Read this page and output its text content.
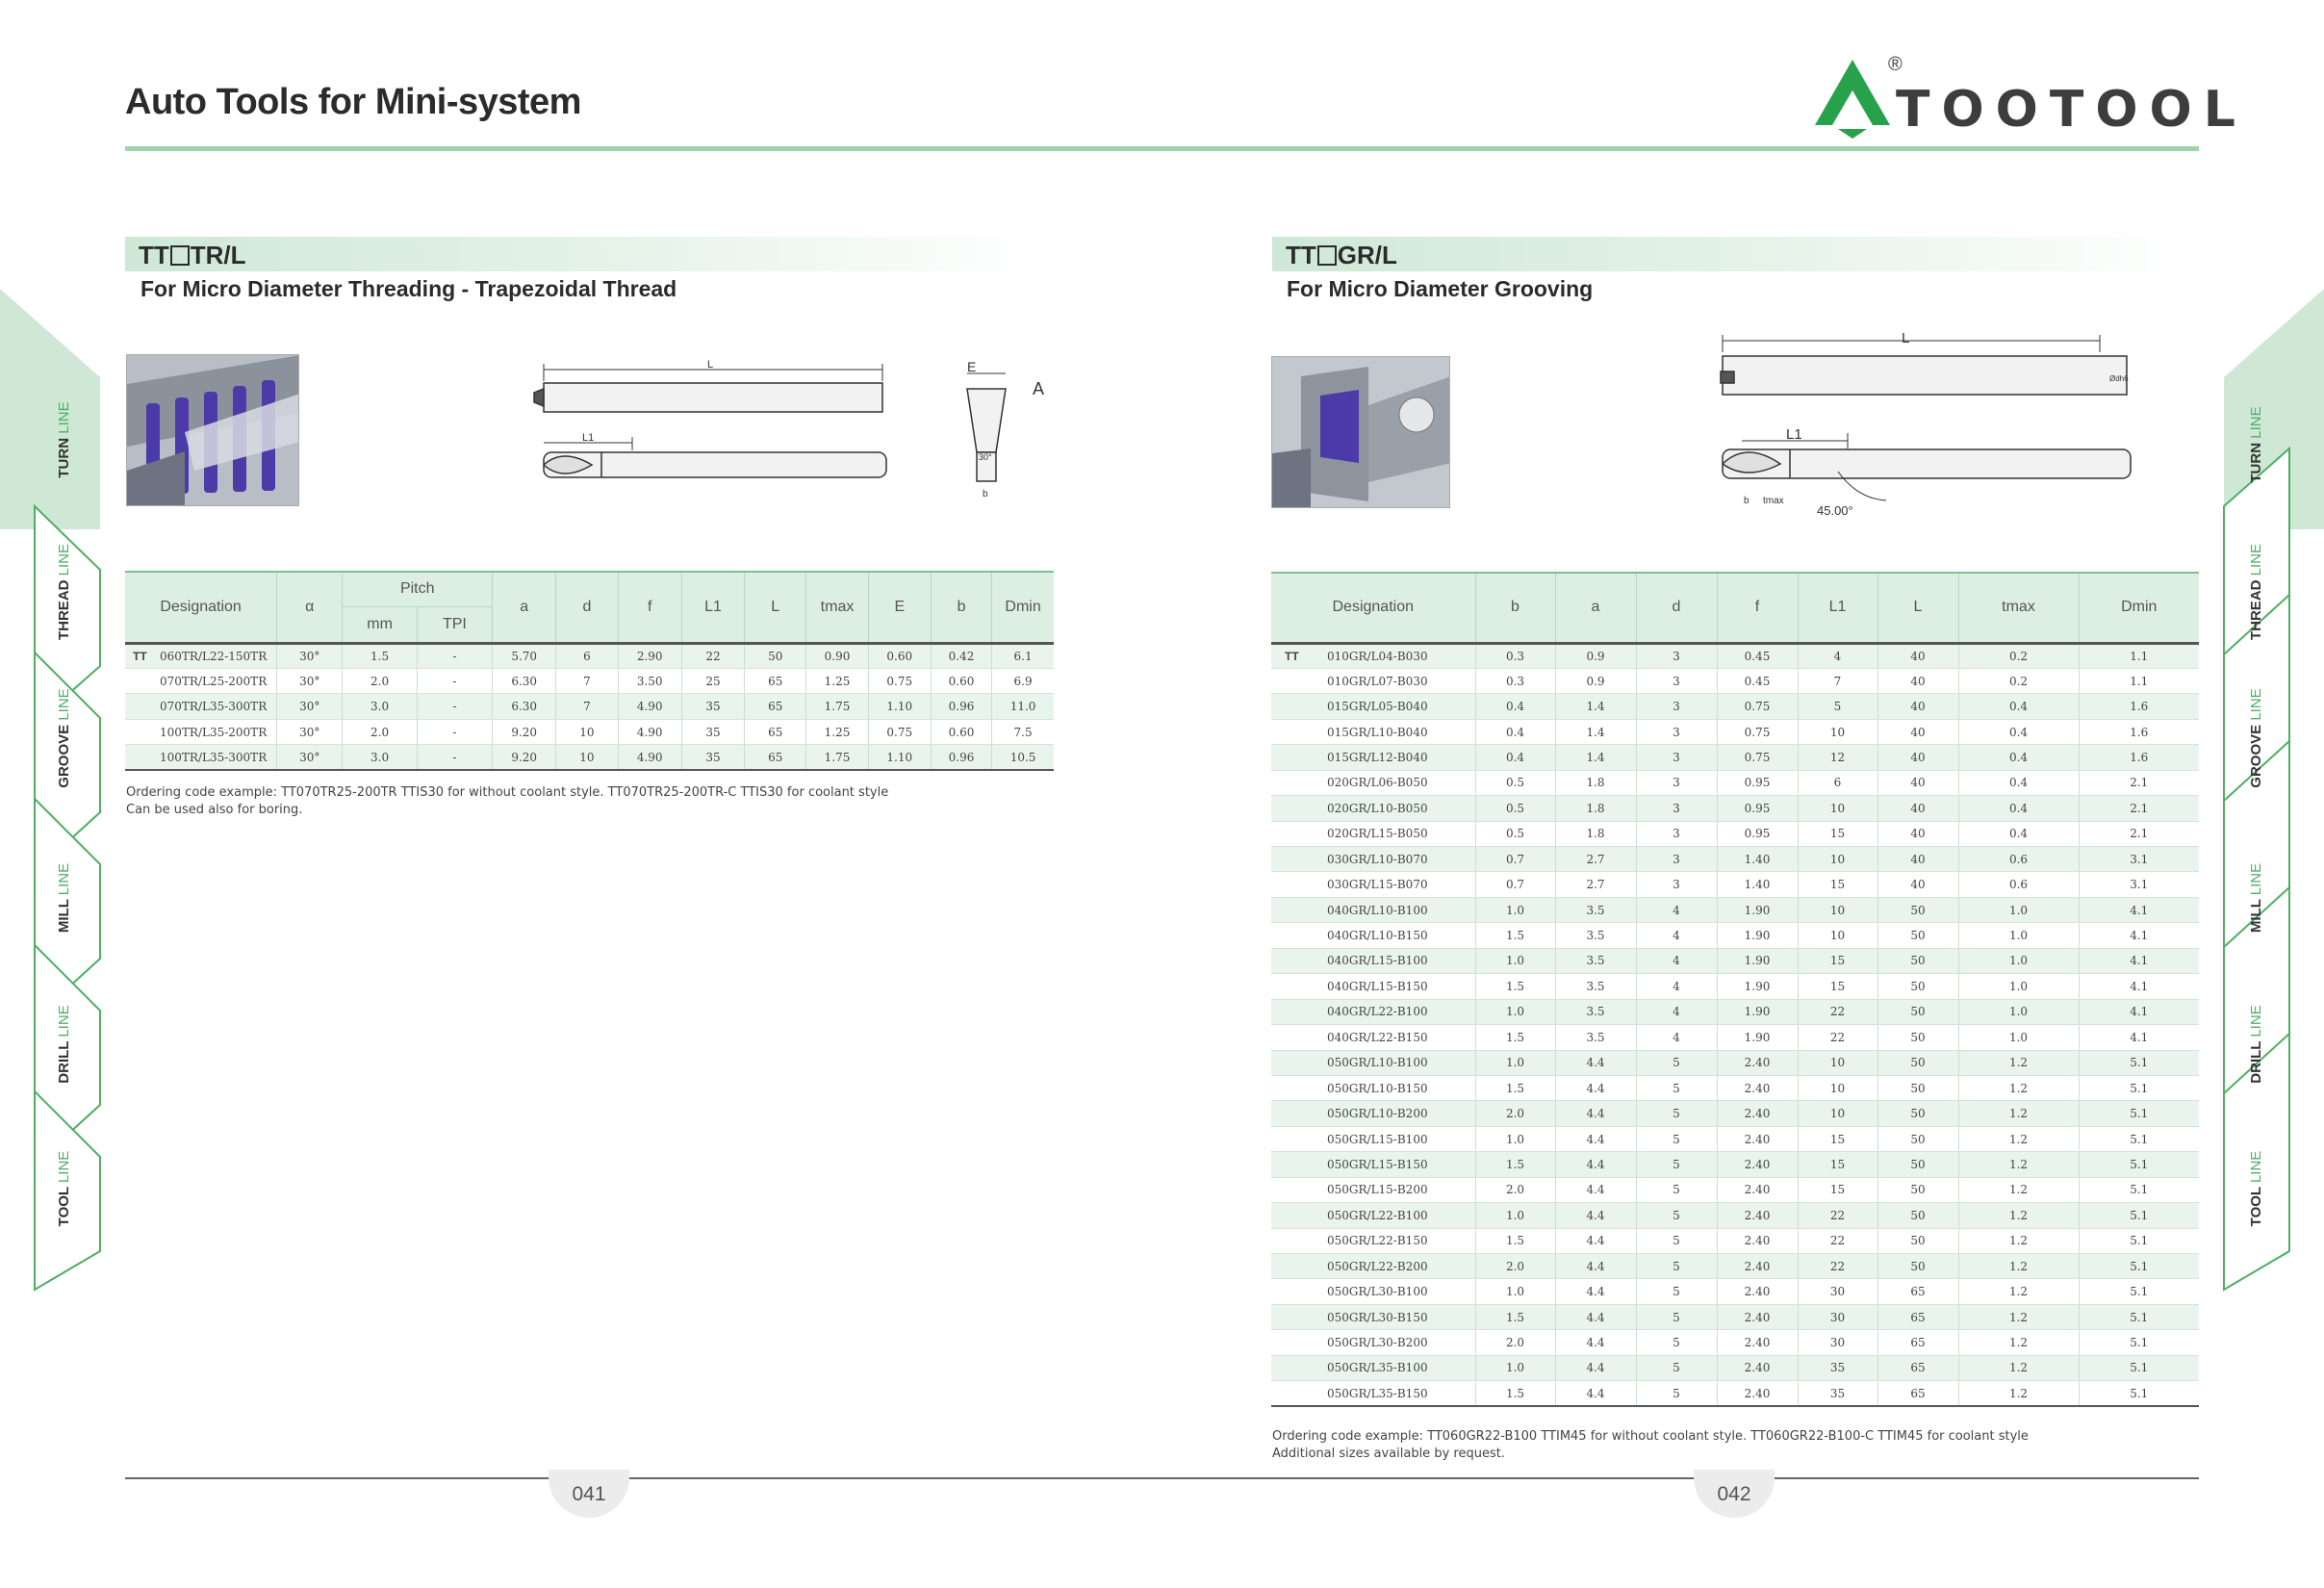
Auto Tools for Mini-system
®
TOOTOOL
TT TR/L
For Micro Diameter Threading - Trapezoidal Thread
L
L1
E
A
30°
b
Designation	α	Pitch		a	d	f	L1	L	tmax	E	b	Dmin
		mm	TPI									
TT 060TR/L22-150TR	30°	1.5	-	5.70	6	2.90	22	50	0.90	0.60	0.42	6.1
070TR/L25-200TR	30°	2.0	-	6.30	7	3.50	25	65	1.25	0.75	0.60	6.9
070TR/L35-300TR	30°	3.0	-	6.30	7	4.90	35	65	1.75	1.10	0.96	11.0
100TR/L35-200TR	30°	2.0	-	9.20	10	4.90	35	65	1.25	0.75	0.60	7.5
100TR/L35-300TR	30°	3.0	-	9.20	10	4.90	35	65	1.75	1.10	0.96	10.5
Ordering code example: TT070TR25-200TR TTIS30 for without coolant style. TT070TR25-200TR-C TTIS30 for coolant style
Can be used also for boring.
TT GR/L
For Micro Diameter Grooving
L
L1
45.00°
b tmax
Ødh6
Designation	b	a	d	f	L1	L	tmax	Dmin
TT 010GR/L04-B030	0.3	0.9	3	0.45	4	40	0.2	1.1
010GR/L07-B030	0.3	0.9	3	0.45	7	40	0.2	1.1
015GR/L05-B040	0.4	1.4	3	0.75	5	40	0.4	1.6
015GR/L10-B040	0.4	1.4	3	0.75	10	40	0.4	1.6
015GR/L12-B040	0.4	1.4	3	0.75	12	40	0.4	1.6
020GR/L06-B050	0.5	1.8	3	0.95	6	40	0.4	2.1
020GR/L10-B050	0.5	1.8	3	0.95	10	40	0.4	2.1
020GR/L15-B050	0.5	1.8	3	0.95	15	40	0.4	2.1
030GR/L10-B070	0.7	2.7	3	1.40	10	40	0.6	3.1
030GR/L15-B070	0.7	2.7	3	1.40	15	40	0.6	3.1
040GR/L10-B100	1.0	3.5	4	1.90	10	50	1.0	4.1
040GR/L10-B150	1.5	3.5	4	1.90	10	50	1.0	4.1
040GR/L15-B100	1.0	3.5	4	1.90	15	50	1.0	4.1
040GR/L15-B150	1.5	3.5	4	1.90	15	50	1.0	4.1
040GR/L22-B100	1.0	3.5	4	1.90	22	50	1.0	4.1
040GR/L22-B150	1.5	3.5	4	1.90	22	50	1.0	4.1
050GR/L10-B100	1.0	4.4	5	2.40	10	50	1.2	5.1
050GR/L10-B150	1.5	4.4	5	2.40	10	50	1.2	5.1
050GR/L10-B200	2.0	4.4	5	2.40	10	50	1.2	5.1
050GR/L15-B100	1.0	4.4	5	2.40	15	50	1.2	5.1
050GR/L15-B150	1.5	4.4	5	2.40	15	50	1.2	5.1
050GR/L15-B200	2.0	4.4	5	2.40	15	50	1.2	5.1
050GR/L22-B100	1.0	4.4	5	2.40	22	50	1.2	5.1
050GR/L22-B150	1.5	4.4	5	2.40	22	50	1.2	5.1
050GR/L22-B200	2.0	4.4	5	2.40	22	50	1.2	5.1
050GR/L30-B100	1.0	4.4	5	2.40	30	65	1.2	5.1
050GR/L30-B150	1.5	4.4	5	2.40	30	65	1.2	5.1
050GR/L30-B200	2.0	4.4	5	2.40	30	65	1.2	5.1
050GR/L35-B100	1.0	4.4	5	2.40	35	65	1.2	5.1
050GR/L35-B150	1.5	4.4	5	2.40	35	65	1.2	5.1
Ordering code example: TT060GR22-B100 TTIM45 for without coolant style. TT060GR22-B100-C TTIM45 for coolant style
Additional sizes available by request.
041	042
TURN LINE
THREAD LINE
GROOVE LINE
MILL LINE
DRILL LINE
TOOL LINE
TURN LINE
THREAD LINE
GROOVE LINE
MILL LINE
DRILL LINE
TOOL LINE
